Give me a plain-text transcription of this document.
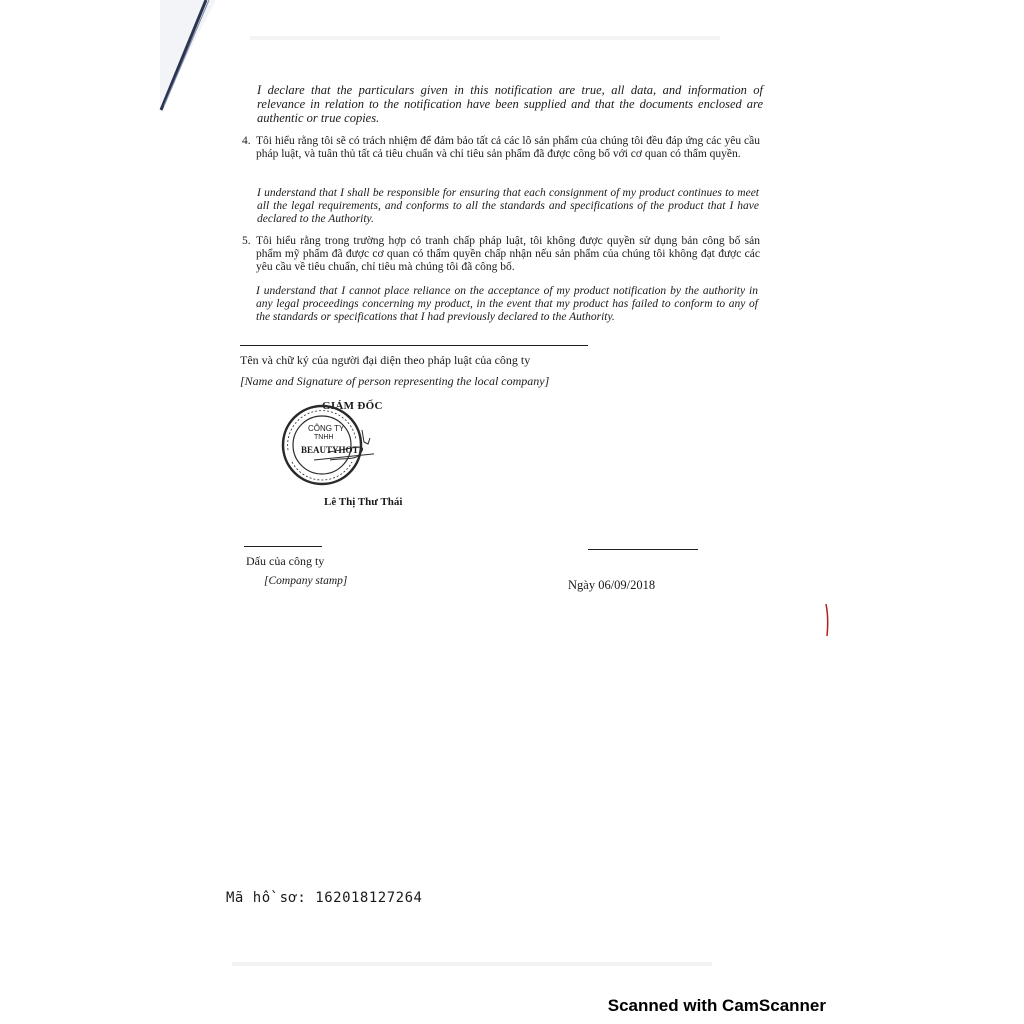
I declare that the particulars given in this notification are true, all data, and information of relevance in relation to the notification have been supplied and that the documents enclosed are authentic or true copies.
4. Tôi hiểu rằng tôi sẽ có trách nhiệm để đảm bảo tất cả các lô sản phẩm của chúng tôi đều đáp ứng các yêu cầu pháp luật, và tuân thủ tất cả tiêu chuẩn và chỉ tiêu sản phẩm đã được công bố với cơ quan có thẩm quyền.
I understand that I shall be responsible for ensuring that each consignment of my product continues to meet all the legal requirements, and conforms to all the standards and specifications of the product that I have declared to the Authority.
5. Tôi hiểu rằng trong trường hợp có tranh chấp pháp luật, tôi không được quyền sử dụng bản công bố sản phẩm mỹ phẩm đã được cơ quan có thẩm quyền chấp nhận nếu sản phẩm của chúng tôi không đạt được các yêu cầu về tiêu chuẩn, chỉ tiêu mà chúng tôi đã công bố.
I understand that I cannot place reliance on the acceptance of my product notification by the authority in any legal proceedings concerning my product, in the event that my product has failed to conform to any of the standards or specifications that I had previously declared to the Authority.
Tên và chữ ký của người đại diện theo pháp luật của công ty
[Name and Signature of person representing the local company]
GIÁM ĐỐC
CÔNG TY
TNHH
BEAUTYHOT
Lê Thị Thư Thái
Dấu của công ty
[Company stamp]	Ngày 06/09/2018
Mã hồ sơ: 162018127264
Scanned with CamScanner
